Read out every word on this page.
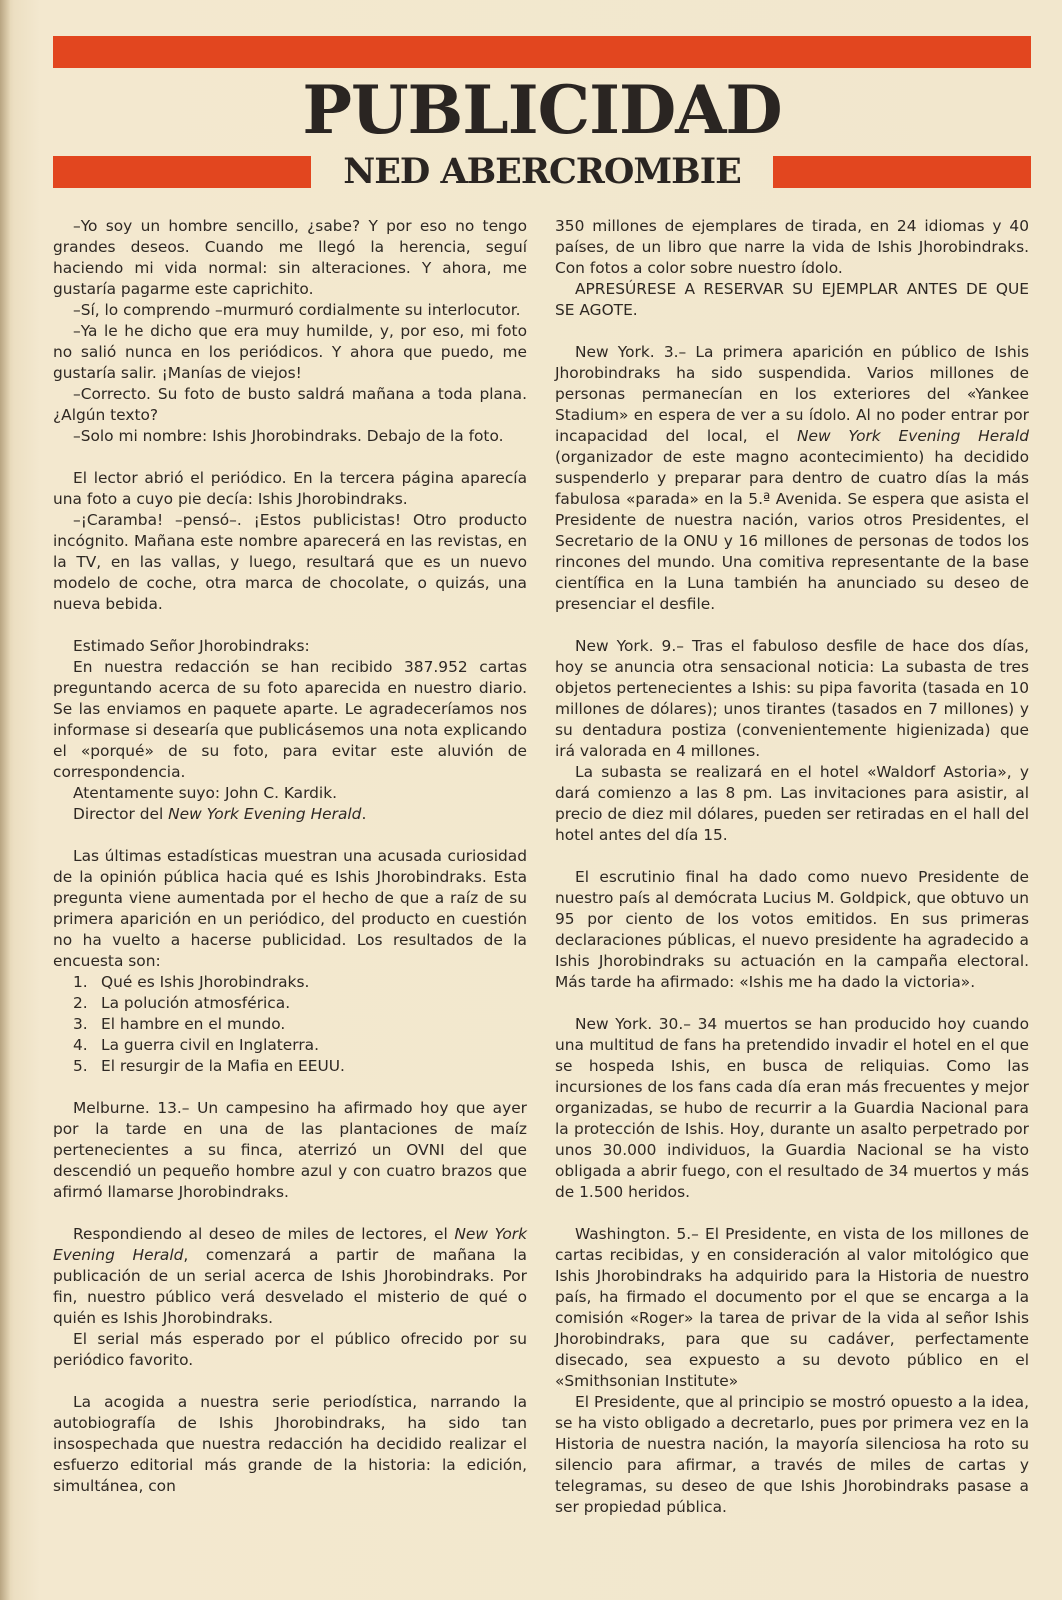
PUBLICIDAD
NED ABERCROMBIE

–Yo soy un hombre sencillo, ¿sabe? Y por eso no tengo grandes deseos. Cuando me llegó la herencia, seguí haciendo mi vida normal: sin alteraciones. Y ahora, me gustaría pagarme este caprichito.

–Sí, lo comprendo –murmuró cordialmente su interlocutor.

–Ya le he dicho que era muy humilde, y, por eso, mi foto no salió nunca en los periódicos. Y ahora que puedo, me gustaría salir. ¡Manías de viejos!

–Correcto. Su foto de busto saldrá mañana a toda plana. ¿Algún texto?

–Solo mi nombre: Ishis Jhorobindraks. Debajo de la foto.

El lector abrió el periódico. En la tercera página aparecía una foto a cuyo pie decía: Ishis Jhorobindraks.

–¡Caramba! –pensó–. ¡Estos publicistas! Otro producto incógnito. Mañana este nombre aparecerá en las revistas, en la TV, en las vallas, y luego, resultará que es un nuevo modelo de coche, otra marca de chocolate, o quizás, una nueva bebida.

Estimado Señor Jhorobindraks:

En nuestra redacción se han recibido 387.952 cartas preguntando acerca de su foto aparecida en nuestro diario. Se las enviamos en paquete aparte. Le agradeceríamos nos informase si desearía que publicásemos una nota explicando el «porqué» de su foto, para evitar este aluvión de correspondencia.

Atentamente suyo: John C. Kardik.

Director del New York Evening Herald.

Las últimas estadísticas muestran una acusada curiosidad de la opinión pública hacia qué es Ishis Jhorobindraks. Esta pregunta viene aumentada por el hecho de que a raíz de su primera aparición en un periódico, del producto en cuestión no ha vuelto a hacerse publicidad. Los resultados de la encuesta son:

1. Qué es Ishis Jhorobindraks.
2. La polución atmosférica.
3. El hambre en el mundo.
4. La guerra civil en Inglaterra.
5. El resurgir de la Mafia en EEUU.

Melburne. 13.– Un campesino ha afirmado hoy que ayer por la tarde en una de las plantaciones de maíz pertenecientes a su finca, aterrizó un OVNI del que descendió un pequeño hombre azul y con cuatro brazos que afirmó llamarse Jhorobindraks.

Respondiendo al deseo de miles de lectores, el New York Evening Herald, comenzará a partir de mañana la publicación de un serial acerca de Ishis Jhorobindraks. Por fin, nuestro público verá desvelado el misterio de qué o quién es Ishis Jhorobindraks.

El serial más esperado por el público ofrecido por su periódico favorito.

La acogida a nuestra serie periodística, narrando la autobiografía de Ishis Jhorobindraks, ha sido tan insospechada que nuestra redacción ha decidido realizar el esfuerzo editorial más grande de la historia: la edición, simultánea, con

350 millones de ejemplares de tirada, en 24 idiomas y 40 países, de un libro que narre la vida de Ishis Jhorobindraks. Con fotos a color sobre nuestro ídolo.

APRESÚRESE A RESERVAR SU EJEMPLAR ANTES DE QUE SE AGOTE.

New York. 3.– La primera aparición en público de Ishis Jhorobindraks ha sido suspendida. Varios millones de personas permanecían en los exteriores del «Yankee Stadium» en espera de ver a su ídolo. Al no poder entrar por incapacidad del local, el New York Evening Herald (organizador de este magno acontecimiento) ha decidido suspenderlo y preparar para dentro de cuatro días la más fabulosa «parada» en la 5.ª Avenida. Se espera que asista el Presidente de nuestra nación, varios otros Presidentes, el Secretario de la ONU y 16 millones de personas de todos los rincones del mundo. Una comitiva representante de la base científica en la Luna también ha anunciado su deseo de presenciar el desfile.

New York. 9.– Tras el fabuloso desfile de hace dos días, hoy se anuncia otra sensacional noticia: La subasta de tres objetos pertenecientes a Ishis: su pipa favorita (tasada en 10 millones de dólares); unos tirantes (tasados en 7 millones) y su dentadura postiza (convenientemente higienizada) que irá valorada en 4 millones.

La subasta se realizará en el hotel «Waldorf Astoria», y dará comienzo a las 8 pm. Las invitaciones para asistir, al precio de diez mil dólares, pueden ser retiradas en el hall del hotel antes del día 15.

El escrutinio final ha dado como nuevo Presidente de nuestro país al demócrata Lucius M. Goldpick, que obtuvo un 95 por ciento de los votos emitidos. En sus primeras declaraciones públicas, el nuevo presidente ha agradecido a Ishis Jhorobindraks su actuación en la campaña electoral. Más tarde ha afirmado: «Ishis me ha dado la victoria».

New York. 30.– 34 muertos se han producido hoy cuando una multitud de fans ha pretendido invadir el hotel en el que se hospeda Ishis, en busca de reliquias. Como las incursiones de los fans cada día eran más frecuentes y mejor organizadas, se hubo de recurrir a la Guardia Nacional para la protección de Ishis. Hoy, durante un asalto perpetrado por unos 30.000 individuos, la Guardia Nacional se ha visto obligada a abrir fuego, con el resultado de 34 muertos y más de 1.500 heridos.

Washington. 5.– El Presidente, en vista de los millones de cartas recibidas, y en consideración al valor mitológico que Ishis Jhorobindraks ha adquirido para la Historia de nuestro país, ha firmado el documento por el que se encarga a la comisión «Roger» la tarea de privar de la vida al señor Ishis Jhorobindraks, para que su cadáver, perfectamente disecado, sea expuesto a su devoto público en el «Smithsonian Institute»

El Presidente, que al principio se mostró opuesto a la idea, se ha visto obligado a decretarlo, pues por primera vez en la Historia de nuestra nación, la mayoría silenciosa ha roto su silencio para afirmar, a través de miles de cartas y telegramas, su deseo de que Ishis Jhorobindraks pasase a ser propiedad pública.
